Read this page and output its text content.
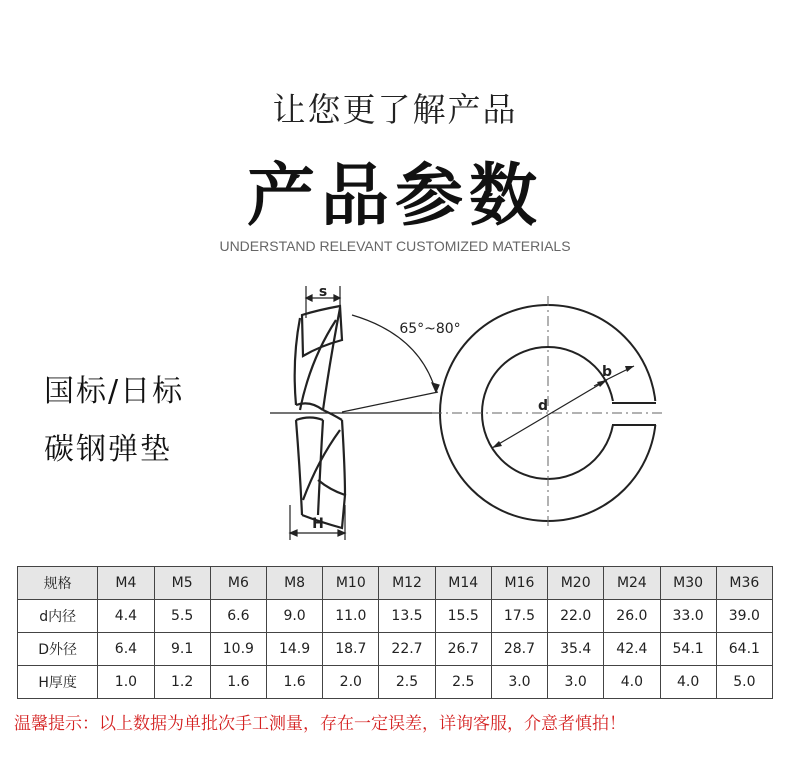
让您更了解产品
产品参数
UNDERSTAND RELEVANT CUSTOMIZED MATERIALS
国标/日标
碳钢弹垫
s
H
65°~80°
d
b
规格	M4	M5	M6	M8	M10	M12	M14	M16	M20	M24	M30	M36
d内径	4.4	5.5	6.6	9.0	11.0	13.5	15.5	17.5	22.0	26.0	33.0	39.0
D外径	6.4	9.1	10.9	14.9	18.7	22.7	26.7	28.7	35.4	42.4	54.1	64.1
H厚度	1.0	1.2	1.6	1.6	2.0	2.5	2.5	3.0	3.0	4.0	4.0	5.0
温馨提示：以上数据为单批次手工测量，存在一定误差，详询客服，介意者慎拍！
